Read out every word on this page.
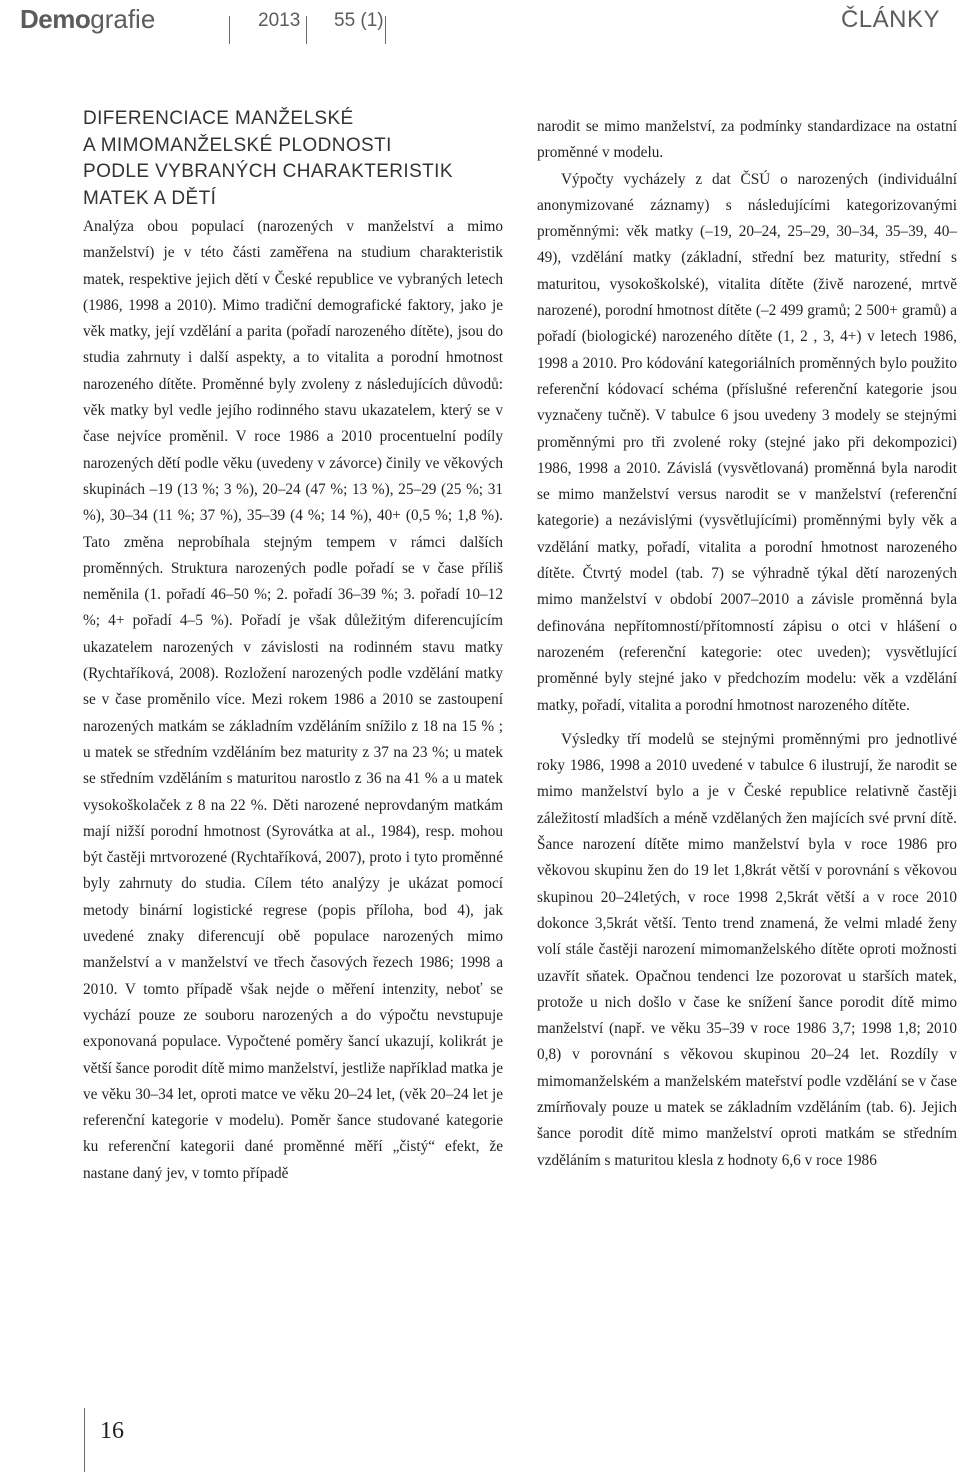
Demografie	2013 55 (1)	ČLÁNKY
DIFERENCIACE MANŽELSKÉ
A MIMOMANŽELSKÉ PLODNOSTI
PODLE VYBRANÝCH CHARAKTERISTIK
MATEK A DĚTÍ

Analýza obou populací (narozených v manželství a mimo manželství) je v této části zaměřena na studium charakteristik matek, respektive jejich dětí v České republice ve vybraných letech (1986, 1998 a 2010). Mimo tradiční demografické faktory, jako je věk matky, její vzdělání a parita (pořadí narozeného dítěte), jsou do studia zahrnuty i další aspekty, a to vitalita a porodní hmotnost narozeného dítěte. Proměnné byly zvoleny z následujících důvodů: věk matky byl vedle jejího rodinného stavu ukazatelem, který se v čase nejvíce proměnil. V roce 1986 a 2010 procentuelní podíly narozených dětí podle věku (uvedeny v závorce) činily ve věkových skupinách –19 (13 %; 3 %), 20–24 (47 %; 13 %), 25–29 (25 %; 31 %), 30–34 (11 %; 37 %), 35–39 (4 %; 14 %), 40+ (0,5 %; 1,8 %). Tato změna neprobíhala stejným tempem v rámci dalších proměnných. Struktura narozených podle pořadí se v čase příliš neměnila (1. pořadí 46–50 %; 2. pořadí 36–39 %; 3. pořadí 10–12 %; 4+ pořadí 4–5 %). Pořadí je však důležitým diferencujícím ukazatelem narozených v závislosti na rodinném stavu matky (Rychtaříková, 2008). Rozložení narozených podle vzdělání matky se v čase proměnilo více. Mezi rokem 1986 a 2010 se zastoupení narozených matkám se základním vzděláním snížilo z 18 na 15 % ; u matek se středním vzděláním bez maturity z 37 na 23 %; u matek se středním vzděláním s maturitou narostlo z 36 na 41 % a u matek vysokoškolaček z 8 na 22 %. Děti narozené neprovdaným matkám mají nižší porodní hmotnost (Syrovátka at al., 1984), resp. mohou být častěji mrtvorozené (Rychtaříková, 2007), proto i tyto proměnné byly zahrnuty do studia. Cílem této analýzy je ukázat pomocí metody binární logistické regrese (popis příloha, bod 4), jak uvedené znaky diferencují obě populace narozených mimo manželství a v manželství ve třech časových řezech 1986; 1998 a 2010. V tomto případě však nejde o měření intenzity, neboť se vychází pouze ze souboru narozených a do výpočtu nevstupuje exponovaná populace. Vypočtené poměry šancí ukazují, kolikrát je větší šance porodit dítě mimo manželství, jestliže například matka je ve věku 30–34 let, oproti matce ve věku 20–24 let, (věk 20–24 let je referenční kategorie v modelu). Poměr šance studované kategorie ku referenční kategorii dané proměnné měří „čistý“ efekt, že nastane daný jev, v tomto případě

narodit se mimo manželství, za podmínky standardizace na ostatní proměnné v modelu.

Výpočty vycházely z dat ČSÚ o narozených (individuální anonymizované záznamy) s následujícími kategorizovanými proměnnými: věk matky (–19, 20–24, 25–29, 30–34, 35–39, 40–49), vzdělání matky (základní, střední bez maturity, střední s maturitou, vysokoškolské), vitalita dítěte (živě narozené, mrtvě narozené), porodní hmotnost dítěte (–2 499 gramů; 2 500+ gramů) a pořadí (biologické) narozeného dítěte (1, 2 , 3, 4+) v letech 1986, 1998 a 2010. Pro kódování kategoriálních proměnných bylo použito referenční kódovací schéma (příslušné referenční kategorie jsou vyznačeny tučně). V tabulce 6 jsou uvedeny 3 modely se stejnými proměnnými pro tři zvolené roky (stejné jako při dekompozici) 1986, 1998 a 2010. Závislá (vysvětlovaná) proměnná byla narodit se mimo manželství versus narodit se v manželství (referenční kategorie) a nezávislými (vysvětlujícími) proměnnými byly věk a vzdělání matky, pořadí, vitalita a porodní hmotnost narozeného dítěte. Čtvrtý model (tab. 7) se výhradně týkal dětí narozených mimo manželství v období 2007–2010 a závisle proměnná byla definována nepřítomností/přítomností zápisu o otci v hlášení o narozeném (referenční kategorie: otec uveden); vysvětlující proměnné byly stejné jako v předchozím modelu: věk a vzdělání matky, pořadí, vitalita a porodní hmotnost narozeného dítěte.

Výsledky tří modelů se stejnými proměnnými pro jednotlivé roky 1986, 1998 a 2010 uvedené v tabulce 6 ilustrují, že narodit se mimo manželství bylo a je v České republice relativně častěji záležitostí mladších a méně vzdělaných žen majících své první dítě. Šance narození dítěte mimo manželství byla v roce 1986 pro věkovou skupinu žen do 19 let 1,8krát větší v porovnání s věkovou skupinou 20–24letých, v roce 1998 2,5krát větší a v roce 2010 dokonce 3,5krát větší. Tento trend znamená, že velmi mladé ženy volí stále častěji narození mimomanželského dítěte oproti možnosti uzavřít sňatek. Opačnou tendenci lze pozorovat u starších matek, protože u nich došlo v čase ke snížení šance porodit dítě mimo manželství (např. ve věku 35–39 v roce 1986 3,7; 1998 1,8; 2010 0,8) v porovnání s věkovou skupinou 20–24 let. Rozdíly v mimomanželském a manželském mateřství podle vzdělání se v čase zmírňovaly pouze u matek se základním vzděláním (tab. 6). Jejich šance porodit dítě mimo manželství oproti matkám se středním vzděláním s maturitou klesla z hodnoty 6,6 v roce 1986

16
